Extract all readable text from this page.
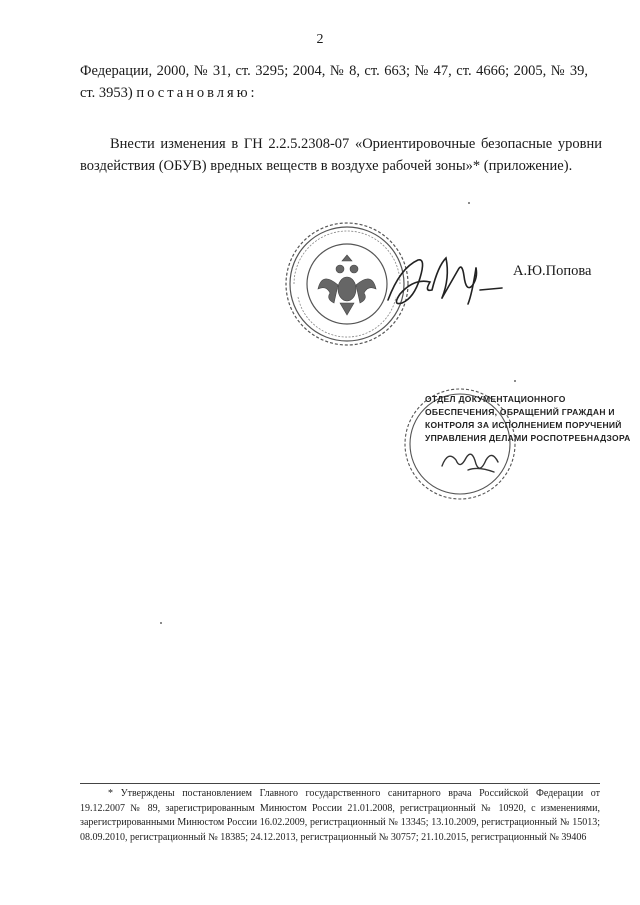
2
Федерации, 2000, № 31, ст. 3295; 2004, № 8, ст. 663; № 47, ст. 4666; 2005, № 39,
ст. 3953) постановляю:
Внести изменения в ГН 2.2.5.2308-07 «Ориентировочные безопасные уровни воздействия (ОБУВ) вредных веществ в воздухе рабочей зоны»* (приложение).
А.Ю.Попова
ОТДЕЛ ДОКУМЕНТАЦИОННОГО
ОБЕСПЕЧЕНИЯ, ОБРАЩЕНИЙ ГРАЖДАН И
КОНТРОЛЯ ЗА ИСПОЛНЕНИЕМ ПОРУЧЕНИЙ
УПРАВЛЕНИЯ ДЕЛАМИ РОСПОТРЕБНАДЗОРА
* Утверждены постановлением Главного государственного санитарного врача Российской Федерации от 19.12.2007 № 89, зарегистрированным Минюстом России 21.01.2008, регистрационный № 10920, с изменениями, зарегистрированными Минюстом России 16.02.2009, регистрационный № 13345; 13.10.2009, регистрационный № 15013; 08.09.2010, регистрационный № 18385; 24.12.2013, регистрационный № 30757; 21.10.2015, регистрационный № 39406
